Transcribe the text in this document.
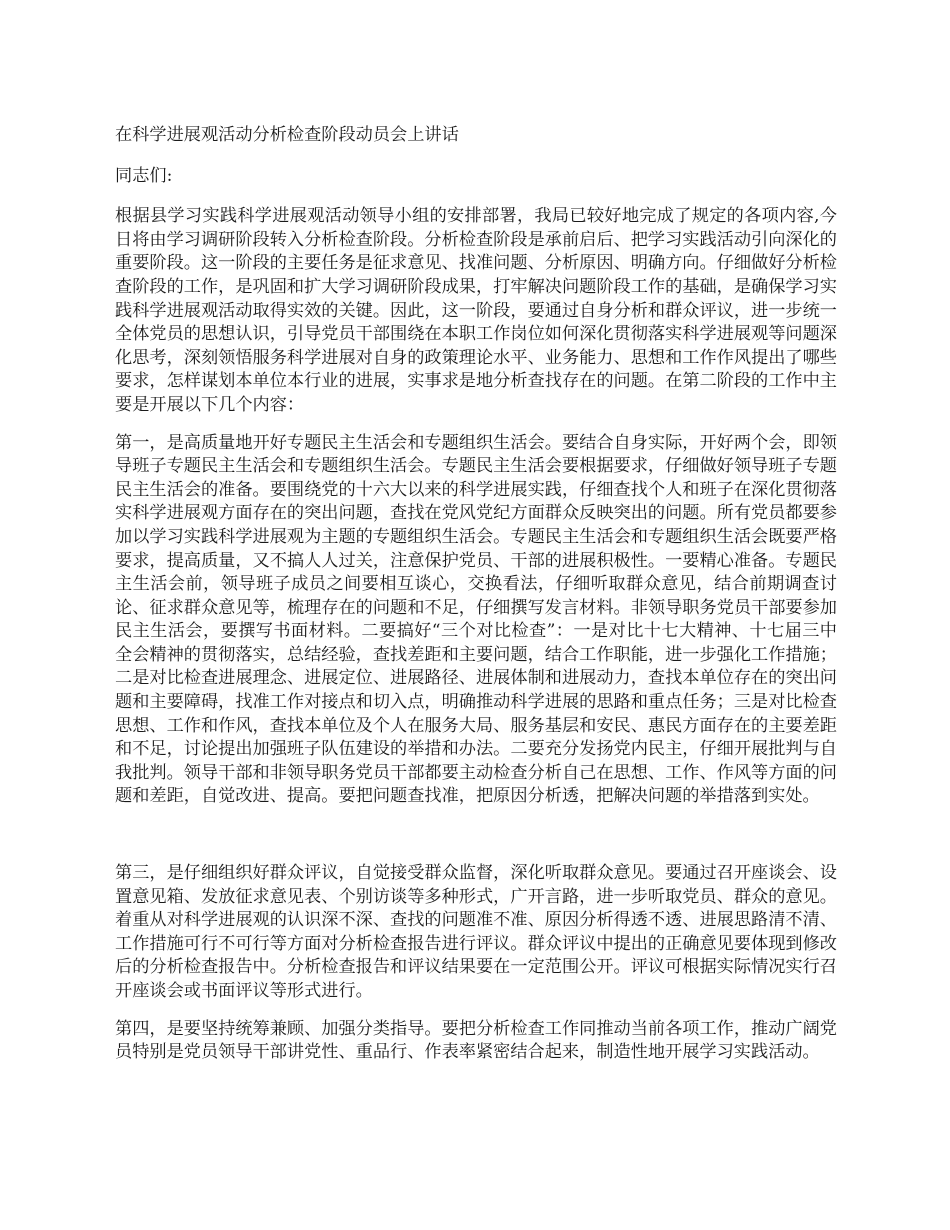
在科学进展观活动分析检查阶段动员会上讲话

同志们:

根据县学习实践科学进展观活动领导小组的安排部署，我局已较好地完成了规定的各项内容,今日将由学习调研阶段转入分析检查阶段。分析检查阶段是承前启后、把学习实践活动引向深化的重要阶段。这一阶段的主要任务是征求意见、找准问题、分析原因、明确方向。仔细做好分析检查阶段的工作，是巩固和扩大学习调研阶段成果，打牢解决问题阶段工作的基础，是确保学习实践科学进展观活动取得实效的关键。因此，这一阶段，要通过自身分析和群众评议，进一步统一全体党员的思想认识，引导党员干部围绕在本职工作岗位如何深化贯彻落实科学进展观等问题深化思考，深刻领悟服务科学进展对自身的政策理论水平、业务能力、思想和工作作风提出了哪些要求，怎样谋划本单位本行业的进展，实事求是地分析查找存在的问题。在第二阶段的工作中主要是开展以下几个内容：

第一，是高质量地开好专题民主生活会和专题组织生活会。要结合自身实际，开好两个会，即领导班子专题民主生活会和专题组织生活会。专题民主生活会要根据要求，仔细做好领导班子专题民主生活会的准备。要围绕党的十六大以来的科学进展实践，仔细查找个人和班子在深化贯彻落实科学进展观方面存在的突出问题，查找在党风党纪方面群众反映突出的问题。所有党员都要参加以学习实践科学进展观为主题的专题组织生活会。专题民主生活会和专题组织生活会既要严格要求，提高质量，又不搞人人过关，注意保护党员、干部的进展积极性。一要精心准备。专题民主生活会前，领导班子成员之间要相互谈心，交换看法，仔细听取群众意见，结合前期调查讨论、征求群众意见等，梳理存在的问题和不足，仔细撰写发言材料。非领导职务党员干部要参加民主生活会，要撰写书面材料。二要搞好“三个对比检查”：一是对比十七大精神、十七届三中全会精神的贯彻落实，总结经验，查找差距和主要问题，结合工作职能，进一步强化工作措施；二是对比检查进展理念、进展定位、进展路径、进展体制和进展动力，查找本单位存在的突出问题和主要障碍，找准工作对接点和切入点，明确推动科学进展的思路和重点任务；三是对比检查思想、工作和作风，查找本单位及个人在服务大局、服务基层和安民、惠民方面存在的主要差距和不足，讨论提出加强班子队伍建设的举措和办法。二要充分发扬党内民主，仔细开展批判与自我批判。领导干部和非领导职务党员干部都要主动检查分析自己在思想、工作、作风等方面的问题和差距，自觉改进、提高。要把问题查找准，把原因分析透，把解决问题的举措落到实处。

第三，是仔细组织好群众评议，自觉接受群众监督，深化听取群众意见。要通过召开座谈会、设置意见箱、发放征求意见表、个别访谈等多种形式，广开言路，进一步听取党员、群众的意见。着重从对科学进展观的认识深不深、查找的问题准不准、原因分析得透不透、进展思路清不清、工作措施可行不可行等方面对分析检查报告进行评议。群众评议中提出的正确意见要体现到修改后的分析检查报告中。分析检查报告和评议结果要在一定范围公开。评议可根据实际情况实行召开座谈会或书面评议等形式进行。

第四，是要坚持统筹兼顾、加强分类指导。要把分析检查工作同推动当前各项工作，推动广阔党员特别是党员领导干部讲党性、重品行、作表率紧密结合起来，制造性地开展学习实践活动。
